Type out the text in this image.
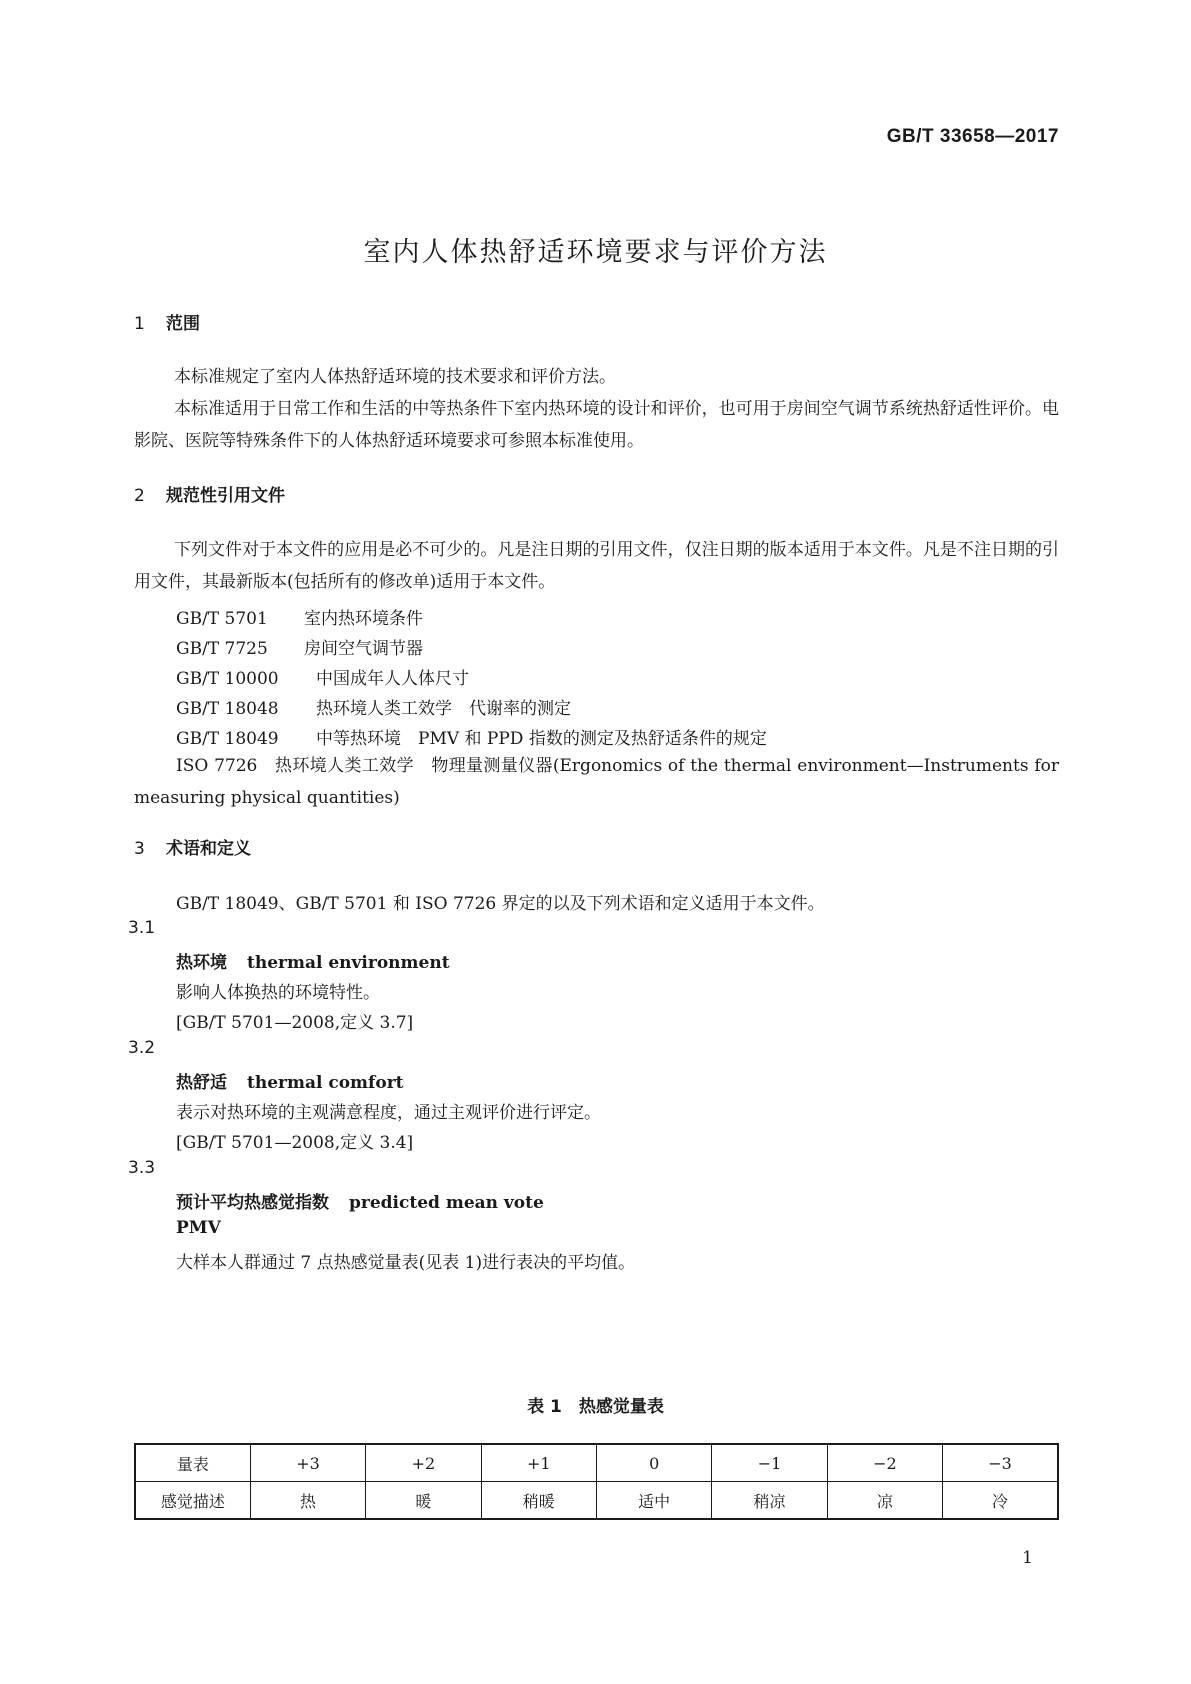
GB/T 33658—2017
室内人体热舒适环境要求与评价方法
1 范围

本标准规定了室内人体热舒适环境的技术要求和评价方法。

本标准适用于日常工作和生活的中等热条件下室内热环境的设计和评价，也可用于房间空气调节系统热舒适性评价。电影院、医院等特殊条件下的人体热舒适环境要求可参照本标准使用。

2 规范性引用文件

下列文件对于本文件的应用是必不可少的。凡是注日期的引用文件，仅注日期的版本适用于本文件。凡是不注日期的引用文件，其最新版本(包括所有的修改单)适用于本文件。

GB/T 5701 室内热环境条件
GB/T 7725 房间空气调节器
GB/T 10000 中国成年人人体尺寸
GB/T 18048 热环境人类工效学　代谢率的测定
GB/T 18049 中等热环境　PMV 和 PPD 指数的测定及热舒适条件的规定
ISO 7726　热环境人类工效学　物理量测量仪器(Ergonomics of the thermal environment—Instruments for measuring physical quantities)
3 术语和定义
GB/T 18049、GB/T 5701 和 ISO 7726 界定的以及下列术语和定义适用于本文件。
3.1
热环境 thermal environment
影响人体换热的环境特性。
[GB/T 5701—2008,定义 3.7]
3.2
热舒适 thermal comfort
表示对热环境的主观满意程度，通过主观评价进行评定。
[GB/T 5701—2008,定义 3.4]
3.3
预计平均热感觉指数 predicted mean vote
PMV
大样本人群通过 7 点热感觉量表(见表 1)进行表决的平均值。
表 1　热感觉量表
量表	+3	+2	+1	0	−1	−2	−3
感觉描述	热	暖	稍暖	适中	稍凉	凉	冷
1
